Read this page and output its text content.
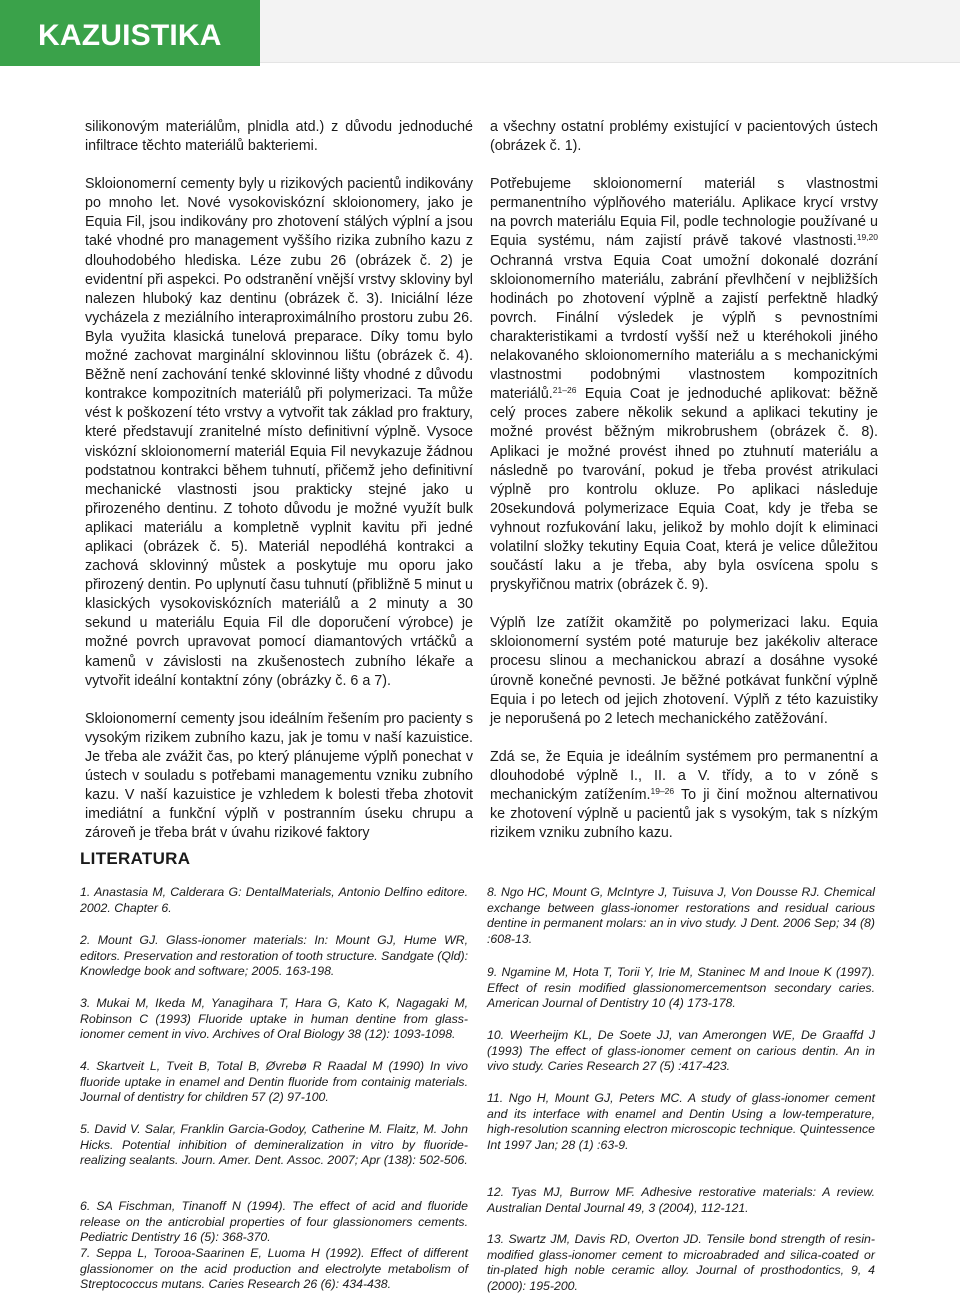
KAZUISTIKA

silikonovým materiálům, plnidla atd.) z důvodu jednoduché infiltrace těchto materiálů bakteriemi.

Skloionomerní cementy byly u rizikových pacientů indikovány po mnoho let. Nové vysokoviskózní skloionomery, jako je Equia Fil, jsou indikovány pro zhotovení stálých výplní a jsou také vhodné pro management vyššího rizika zubního kazu z dlouhodobého hlediska. Léze zubu 26 (obrázek č. 2) je evidentní při aspekci. Po odstranění vnější vrstvy skloviny byl nalezen hluboký kaz dentinu (obrázek č. 3). Iniciální léze vycházela z meziálního interaproximálního prostoru zubu 26. Byla využita klasická tunelová preparace. Díky tomu bylo možné zachovat marginální sklovinnou lištu (obrázek č. 4). Běžně není zachování tenké sklovinné lišty vhodné z důvodu kontrakce kompozitních materiálů při polymerizaci. Ta může vést k poškození této vrstvy a vytvořit tak základ pro fraktury, které představují zranitelné místo definitivní výplně. Vysoce viskózní skloionomerní materiál Equia Fil nevykazuje žádnou podstatnou kontrakci během tuhnutí, přičemž jeho definitivní mechanické vlastnosti jsou prakticky stejné jako u přirozeného dentinu. Z tohoto důvodu je možné využít bulk aplikaci materiálu a kompletně vyplnit kavitu při jedné aplikaci (obrázek č. 5). Materiál nepodléhá kontrakci a zachová sklovinný můstek a poskytuje mu oporu jako přirozený dentin. Po uplynutí času tuhnutí (přibližně 5 minut u klasických vysokoviskózních materiálů a 2 minuty a 30 sekund u materiálu Equia Fil dle doporučení výrobce) je možné povrch upravovat pomocí diamantových vrtáčků a kamenů v závislosti na zkušenostech zubního lékaře a vytvořit ideální kontaktní zóny (obrázky č. 6 a 7).

Skloionomerní cementy jsou ideálním řešením pro pacienty s vysokým rizikem zubního kazu, jak je tomu v naší kazuistice. Je třeba ale zvážit čas, po který plánujeme výplň ponechat v ústech v souladu s potřebami managementu vzniku zubního kazu. V naší kazuistice je vzhledem k bolesti třeba zhotovit imediátní a funkční výplň v postranním úseku chrupu a zároveň je třeba brát v úvahu rizikové faktory

a všechny ostatní problémy existující v pacientových ústech (obrázek č. 1).

Potřebujeme skloionomerní materiál s vlastnostmi permanentního výplňového materiálu. Aplikace krycí vrstvy na povrch materiálu Equia Fil, podle technologie používané u Equia systému, nám zajistí právě takové vlastnosti.$^{19,20}$ Ochranná vrstva Equia Coat umožní dokonalé dozrání skloionomerního materiálu, zabrání převlhčení v nejbližších hodinách po zhotovení výplně a zajistí perfektně hladký povrch. Finální výsledek je výplň s pevnostními charakteristikami a tvrdostí vyšší než u kteréhokoli jiného nelakovaného skloionomerního materiálu a s mechanickými vlastnostmi podobnými vlastnostem kompozitních materiálů.$^{21-26}$ Equia Coat je jednoduché aplikovat: běžně celý proces zabere několik sekund a aplikaci tekutiny je možné provést běžným mikrobrushem (obrázek č. 8). Aplikaci je možné provést ihned po ztuhnutí materiálu a následně po tvarování, pokud je třeba provést atrikulaci výplně pro kontrolu okluze. Po aplikaci následuje 20sekundová polymerizace Equia Coat, kdy je třeba se vyhnout rozfukování laku, jelikož by mohlo dojít k eliminaci volatilní složky tekutiny Equia Coat, která je velice důležitou součástí laku a je třeba, aby byla osvícena spolu s pryskyřičnou matrix (obrázek č. 9).

Výplň lze zatížit okamžitě po polymerizaci laku. Equia skloionomerní systém poté maturuje bez jakékoliv alterace procesu slinou a mechanickou abrazí a dosáhne vysoké úrovně konečné pevnosti. Je běžné potkávat funkční výplně Equia i po letech od jejich zhotovení. Výplň z této kazuistiky je neporušená po 2 letech mechanického zatěžování.

Zdá se, že Equia je ideálním systémem pro permanentní a dlouhodobé výplně I., II. a V. třídy, a to v zóně s mechanickým zatížením.$^{19-26}$ To ji činí možnou alternativou ke zhotovení výplně u pacientů jak s vysokým, tak s nízkým rizikem vzniku zubního kazu.

LITERATURA
1. Anastasia M, Calderara G: DentalMaterials, Antonio Delfino editore. 2002. Chapter 6.
2. Mount GJ. Glass-ionomer materials: In: Mount GJ, Hume WR, editors. Preservation and restoration of tooth structure. Sandgate (Qld): Knowledge book and software; 2005. 163-198.
3. Mukai M, Ikeda M, Yanagihara T, Hara G, Kato K, Nagagaki M, Robinson C (1993) Fluoride uptake in human dentine from glass-ionomer cement in vivo. Archives of Oral Biology 38 (12): 1093-1098.
4. Skartveit L, Tveit B, Total B, Øvrebø R Raadal M (1990) In vivo fluoride uptake in enamel and Dentin fluoride from containig materials. Journal of dentistry for children 57 (2) 97-100.
5. David V. Salar, Franklin Garcia-Godoy, Catherine M. Flaitz, M. John Hicks. Potential inhibition of demineralization in vitro by fluoride-realizing sealants. Journ. Amer. Dent. Assoc. 2007; Apr (138): 502-506.
6. SA Fischman, Tinanoff N (1994). The effect of acid and fluoride release on the anticrobial properties of four glassionomers cements. Pediatric Dentistry 16 (5): 368-370.
7. Seppa L, Torooa-Saarinen E, Luoma H (1992). Effect of different glassionomer on the acid production and electrolyte metabolism of Streptococcus mutans. Caries Research 26 (6): 434-438.
8. Ngo HC, Mount G, McIntyre J, Tuisuva J, Von Dousse RJ. Chemical exchange between glass-ionomer restorations and residual carious dentine in permanent molars: an in vivo study. J Dent. 2006 Sep; 34 (8) :608-13.
9. Ngamine M, Hota T, Torii Y, Irie M, Staninec M and Inoue K (1997). Effect of resin modified glassionomercementson secondary caries. American Journal of Dentistry 10 (4) 173-178.
10. Weerheijm KL, De Soete JJ, van Amerongen WE, De Graaffd J (1993) The effect of glass-ionomer cement on carious dentin. An in vivo study. Caries Research 27 (5) :417-423.
11. Ngo H, Mount GJ, Peters MC. A study of glass-ionomer cement and its interface with enamel and Dentin Using a low-temperature, high-resolution scanning electron microscopic technique. Quintessence Int 1997 Jan; 28 (1) :63-9.
12. Tyas MJ, Burrow MF. Adhesive restorative materials: A review. Australian Dental Journal 49, 3 (2004), 112-121.
13. Swartz JM, Davis RD, Overton JD. Tensile bond strength of resin-modified glass-ionomer cement to microabraded and silica-coated or tin-plated high noble ceramic alloy. Journal of prosthodontics, 9, 4 (2000): 195-200.
